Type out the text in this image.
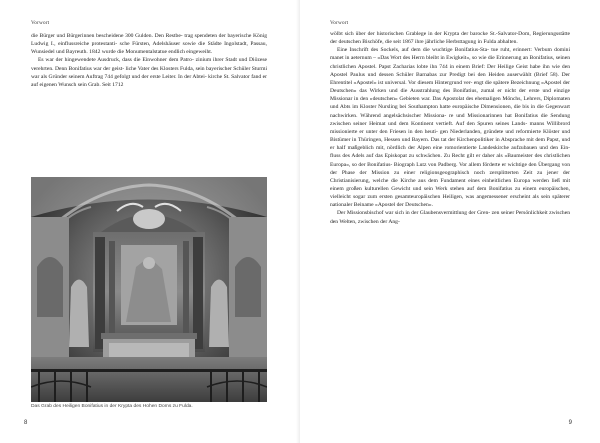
Vorwort

die Bürger und Bürgerinnen bescheidene 300 Gulden. Den Restbe- trag spendeten der bayerische König Ludwig I., einflussreiche protestanti- sche Fürsten, Adelshäuser sowie die Städte Ingolstadt, Passau, Wunsiedel und Bayreuth. 1842 wurde die Monumentalstatue endlich eingeweiht.

Es war der hingewendete Ausdruck, dass die Einwohner dem Patro- zinium ihrer Stadt und Diözese verehrten. Denn Bonifatius war der geist- liche Vater des Klosters Fulda, sein bayerischer Schüler Sturmi war als Gründer seinem Auftrag 744 gefolgt und der erste Leiter. In der Abtei- kirche St. Salvator fand er auf eigenen Wunsch sein Grab. Seit 1712

Das Grab des Heiligen Bonifatius in der Krypta des Hohen Doms zu Fulda.
8
Vorwort

wölbt sich über der historischen Grablege in der Krypta der barocke St.-Salvator-Dom, Regierungsstätte der deutschen Bischöfe, die seit 1867 ihre jährliche Herbsttagung in Fulda abhalten.

Eine Inschrift des Sockels, auf dem die wuchtige Bonifatius-Sta- tue ruht, erinnert: Verbum domini manet in aeternum – »Das Wort des Herrn bleibt in Ewigkeit«, so wie die Erinnerung an Bonifatius, seinen christlichen Apostel. Papst Zacharias lobte ihn 744 in einem Brief: Der Heilige Geist habe ihn wie den Apostel Paulus und dessen Schüler Barnabas zur Predigt bei den Heiden auserwählt (Brief 58). Der Ehrentitel »Apostel« ist universal. Vor diesem Hintergrund ver- engt die spätere Bezeichnung »Apostel der Deutschen« das Wirken und die Ausstrahlung des Bonifatius, zumal er nicht der erste und einzige Missionar in den »deutschen« Gebieten war. Das Apostolat des ehemaligen Mönchs, Lehrers, Diplomaten und Abts im Kloster Nursling bei Southampton hatte europäische Dimensionen, die bis in die Gegenwart nachwirken. Während angelsächsischer Missiona- re und Missionarinnen hat Bonifatius die Sendung zwischen seiner Heimat und dem Kontinent vertieft. Auf den Spuren seines Lands- manns Willibrord missionierte er unter den Friesen in den heuti- gen Niederlanden, gründete und reformierte Klöster und Bistümer in Thüringen, Hessen und Bayern. Das tat der Kirchenpolitiker in Absprache mit dem Papst, und er half maßgeblich mit, nördlich der Alpen eine romorientierte Landeskirche aufzubauen und den Ein- fluss des Adels auf das Episkopat zu schwächen. Zu Recht gilt er daher als »Baumeister des christlichen Europa«, so der Bonifatius- Biograph Lutz von Padberg. Vor allem förderte er wichtige den Übergang von der Phase der Mission zu einer religionsgeographisch noch zersplitterten Zeit zu jener der Christianisierung, welche die Kirche aus dem Fundament eines einheitlichen Europa werden ließ mit einem großen kulturellen Gewicht und sein Werk stehen auf dem Bonifatius zu einem europäischen, vielleicht sogar zum ersten gesamteuropäischen Heiligen, was angemessener erscheint als sein späterer nationaler Beiname »Apostel der Deutschen«.

Der Missionsbischof war sich in der Glaubensvermittlung der Gren- zen seiner Persönlichkeit zwischen den Welten, zwischen der Ang-

9
